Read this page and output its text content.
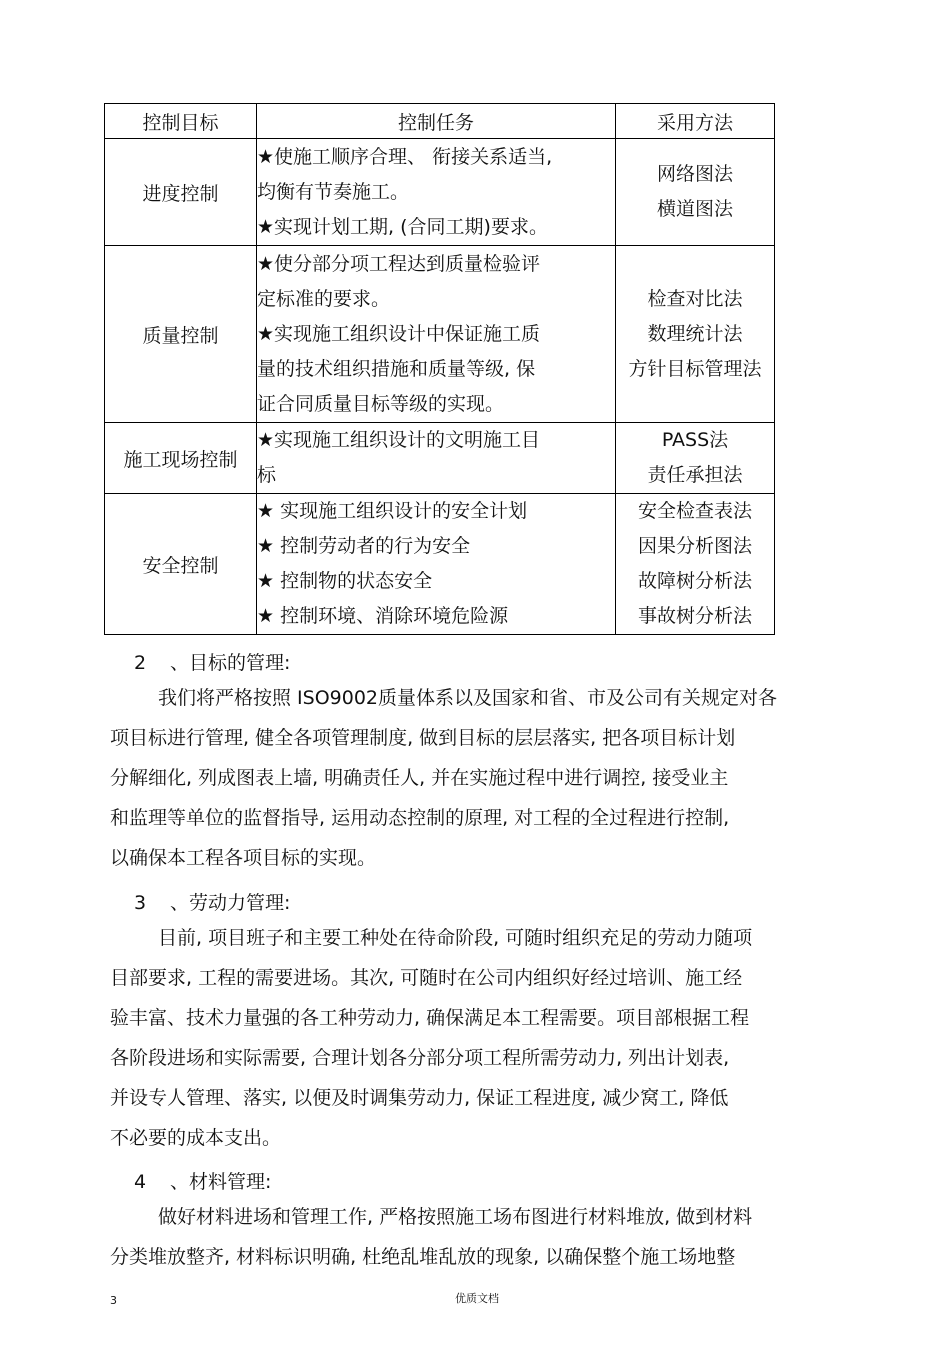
控制目标	控制任务	采用方法
进度控制	★使施工顺序合理、 衔接关系适当,
均衡有节奏施工。
★实现计划工期, (合同工期)要求。	网络图法
横道图法

质量控制	★使分部分项工程达到质量检验评
定标准的要求。
★实现施工组织设计中保证施工质
量的技术组织措施和质量等级, 保
证合同质量目标等级的实现。	检查对比法
数理统计法
方针目标管理法

施工现场控制	★实现施工组织设计的文明施工目
标	PASS法
责任承担法

安全控制	★ 实现施工组织设计的安全计划
★ 控制劳动者的行为安全
★ 控制物的状态安全
★ 控制环境、消除环境危险源	安全检查表法
因果分析图法
故障树分析法
事故树分析法
2 、目标的管理:
我们将严格按照 ISO9002质量体系以及国家和省、市及公司有关规定对各
项目标进行管理, 健全各项管理制度, 做到目标的层层落实, 把各项目标计划
分解细化, 列成图表上墙, 明确责任人, 并在实施过程中进行调控, 接受业主
和监理等单位的监督指导, 运用动态控制的原理, 对工程的全过程进行控制,
以确保本工程各项目标的实现。
3 、劳动力管理:
目前, 项目班子和主要工种处在待命阶段, 可随时组织充足的劳动力随项
目部要求, 工程的需要进场。其次, 可随时在公司内组织好经过培训、施工经
验丰富、技术力量强的各工种劳动力, 确保满足本工程需要。项目部根据工程
各阶段进场和实际需要, 合理计划各分部分项工程所需劳动力, 列出计划表,
并设专人管理、落实, 以便及时调集劳动力, 保证工程进度, 减少窝工, 降低
不必要的成本支出。
4 、材料管理:
做好材料进场和管理工作, 严格按照施工场布图进行材料堆放, 做到材料
分类堆放整齐, 材料标识明确, 杜绝乱堆乱放的现象, 以确保整个施工场地整
3	优质文档
